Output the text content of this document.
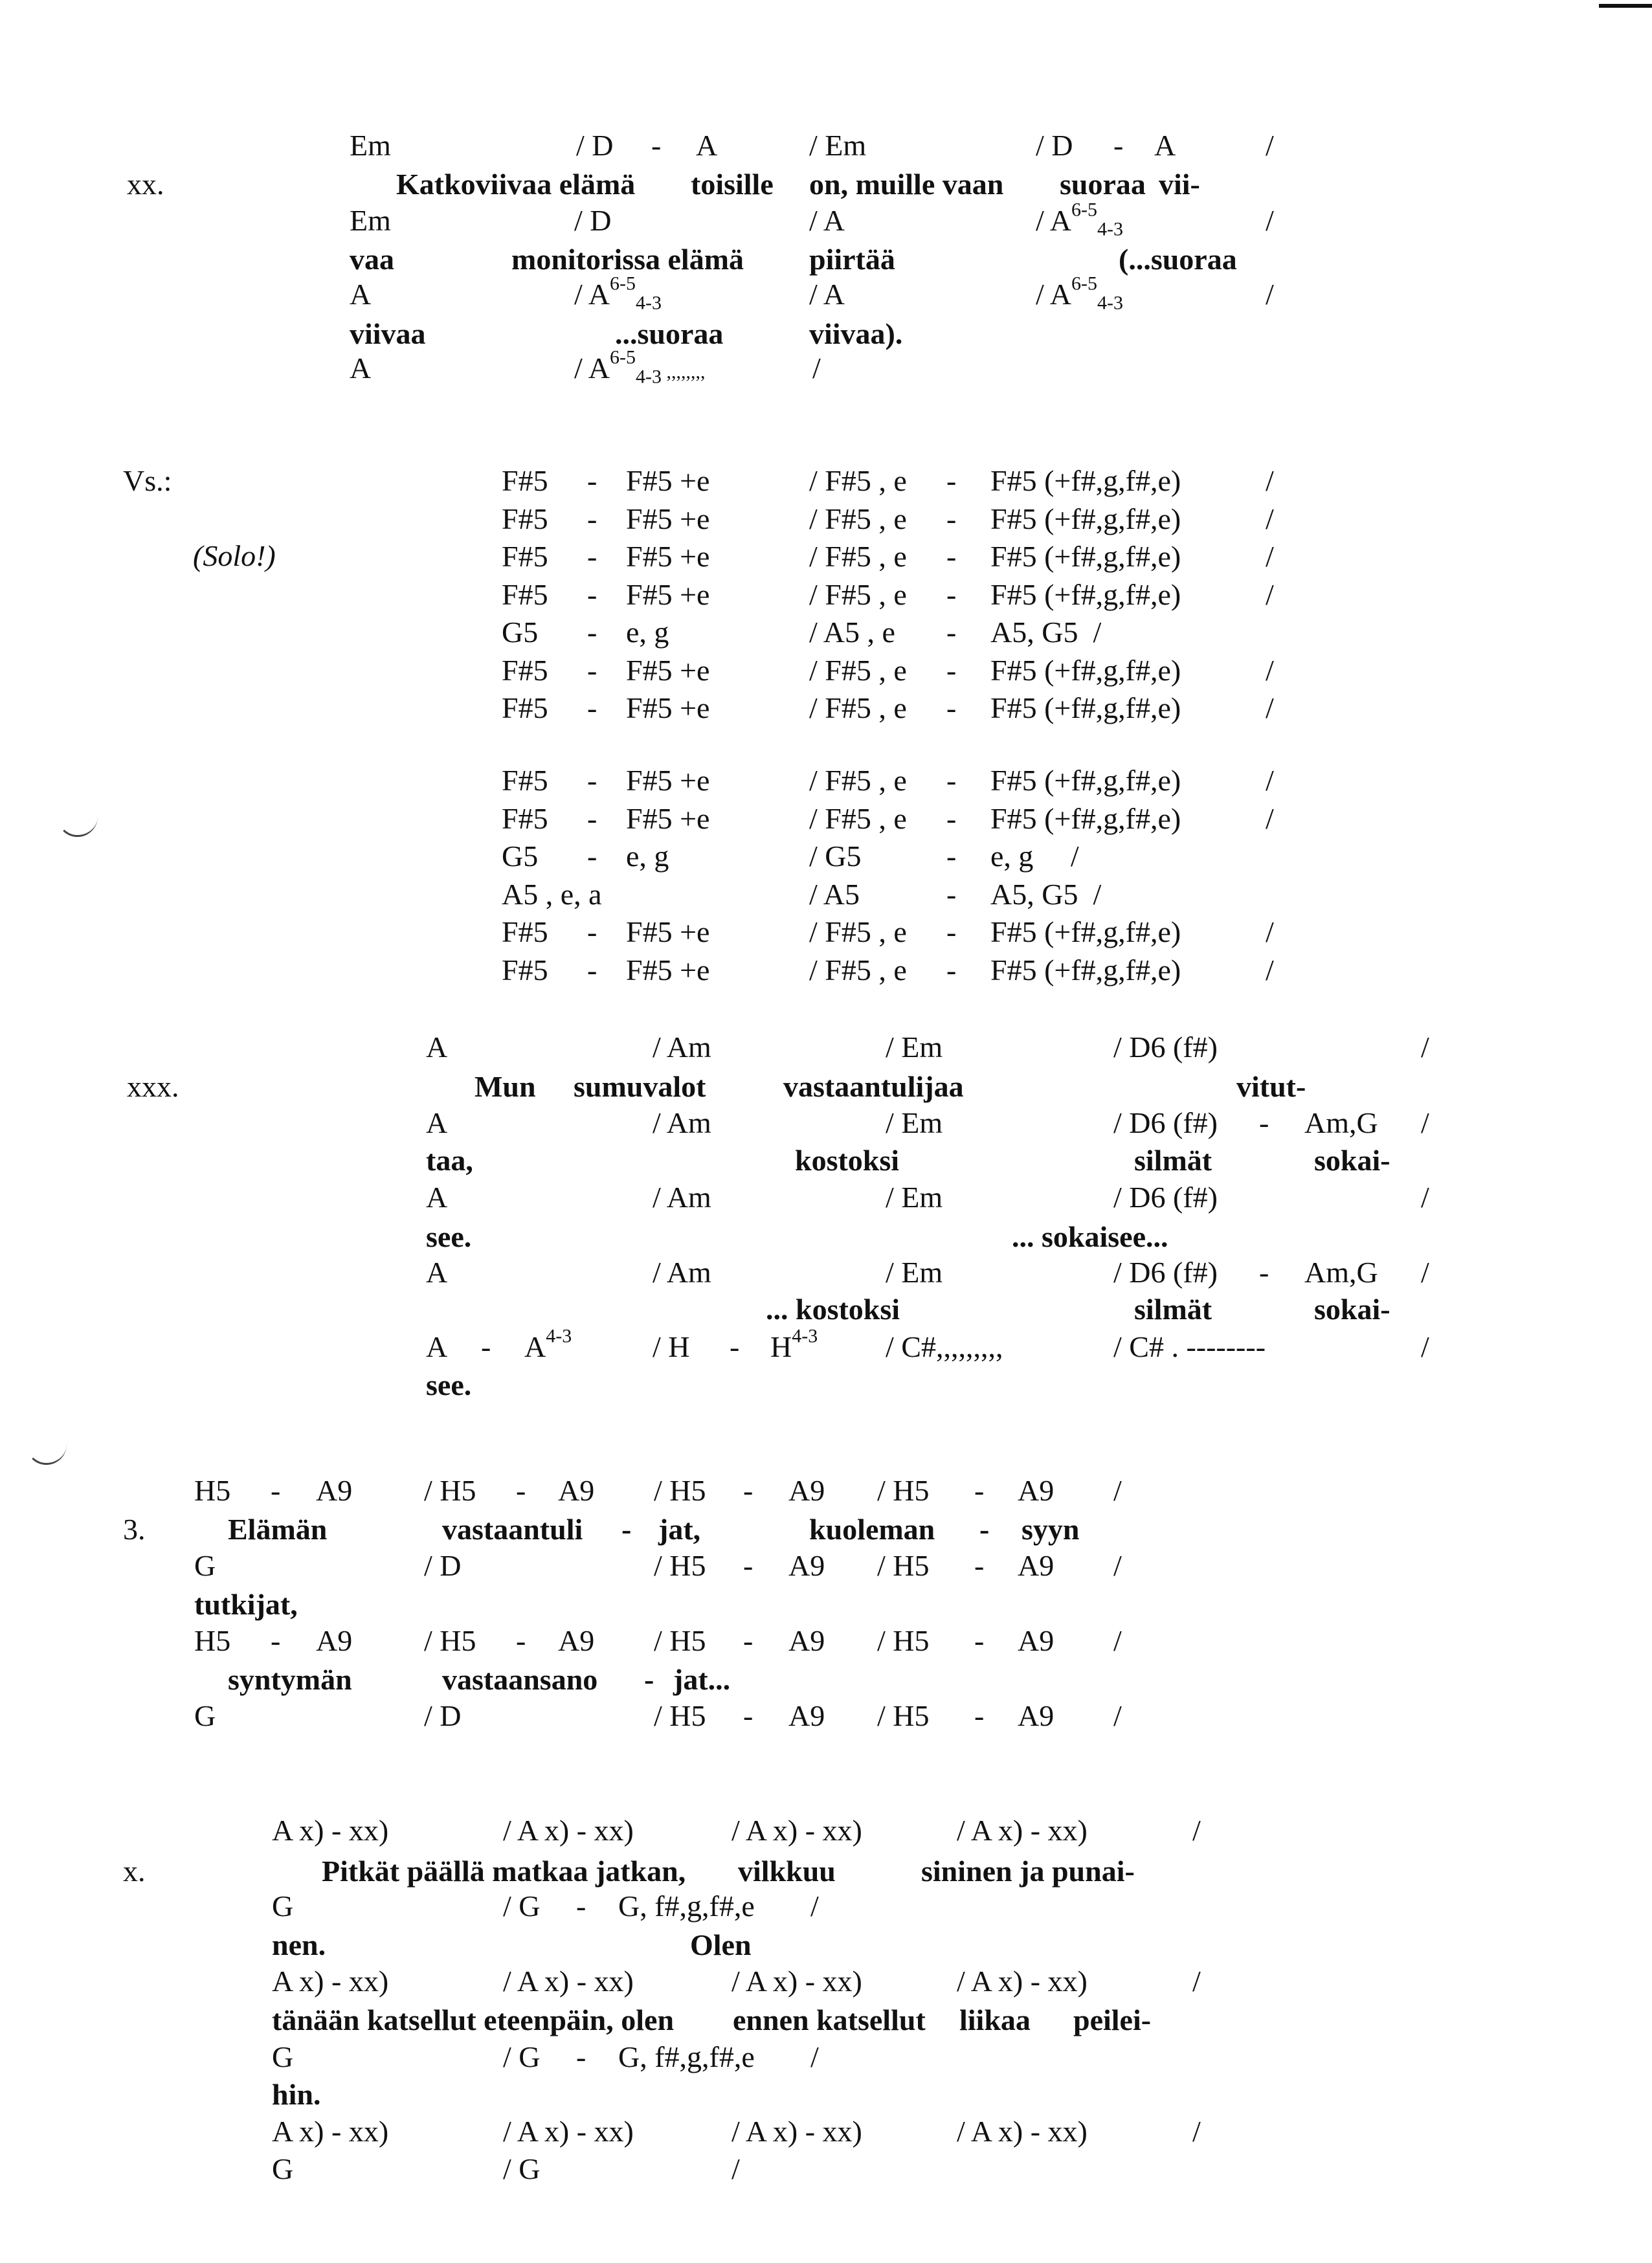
xx.
Em	/ D - A	/ Em	/ D - A	/
Katkoviivaa elämä toisille on, muille vaan suoraa vii-
Em	/ D	/ A	/ $A^{6-5}_{4-3}$	/
vaa	monitorissa elämä piirtää	(...suoraa
A	/ $A^{6-5}_{4-3}$	/ A	/ $A^{6-5}_{4-3}$	/
viivaa	...suoraa	viivaa).
A	/ $A^{6-5}_{4-3}$ ,,,,,,,,	/
Vs.:
(Solo!)
F#5 - F#5 +e	/ F#5 , e - F#5 (+f#,g,f#,e)	/
F#5 - F#5 +e	/ F#5 , e - F#5 (+f#,g,f#,e)	/
F#5 - F#5 +e	/ F#5 , e - F#5 (+f#,g,f#,e)	/
F#5 - F#5 +e	/ F#5 , e - F#5 (+f#,g,f#,e)	/
G5 - e, g	/ A5 , e - A5, G5  /
F#5 - F#5 +e	/ F#5 , e - F#5 (+f#,g,f#,e)	/
F#5 - F#5 +e	/ F#5 , e - F#5 (+f#,g,f#,e)	/
F#5 - F#5 +e	/ F#5 , e - F#5 (+f#,g,f#,e)	/
F#5 - F#5 +e	/ F#5 , e - F#5 (+f#,g,f#,e)	/
G5 - e, g	/ G5	- e, g     /
A5 , e, a	/ A5	- A5, G5  /
F#5 - F#5 +e	/ F#5 , e - F#5 (+f#,g,f#,e)	/
F#5 - F#5 +e	/ F#5 , e - F#5 (+f#,g,f#,e)	/
xxx.
A	/ Am	/ Em	/ D6 (f#)	/
Mun sumuvalot	vastaantulijaa	vitut-
A	/ Am	/ Em	/ D6 (f#) - Am,G /
taa,	kostoksi	silmät	sokai-
A	/ Am	/ Em	/ D6 (f#)	/
see.	... sokaisee...
A	/ Am	/ Em	/ D6 (f#) - Am,G /
... kostoksi	silmät	sokai-
A - $A^{4-3}$	/ H - $H^{4-3}$ / C#,,,,,,,,,	/ C# . --------	/
see.
3.
H5 - A9 / H5 - A9 / H5 - A9 / H5 - A9 /
Elämän	vastaantuli - jat,	kuoleman - syyn
G	/ D	/ H5 - A9 / H5 - A9 /
tutkijat,
H5 - A9 / H5 - A9 / H5 - A9 / H5 - A9 /
syntymän	vastaansano - jat...
G	/ D	/ H5 - A9 / H5 - A9 /
x.
A x) - xx)	/ A x) - xx)	/ A x) - xx)	/ A x) - xx)	/
Pitkät päällä matkaa jatkan, vilkkuu	sininen ja punai-
G	/ G - G, f#,g,f#,e /
nen.	Olen
A x) - xx)	/ A x) - xx)	/ A x) - xx)	/ A x) - xx)	/
tänään katsellut eteenpäin, olen ennen katsellut liikaa peilei-
G	/ G - G, f#,g,f#,e /
hin.
A x) - xx)	/ A x) - xx)	/ A x) - xx)	/ A x) - xx)	/
G	/ G	/
